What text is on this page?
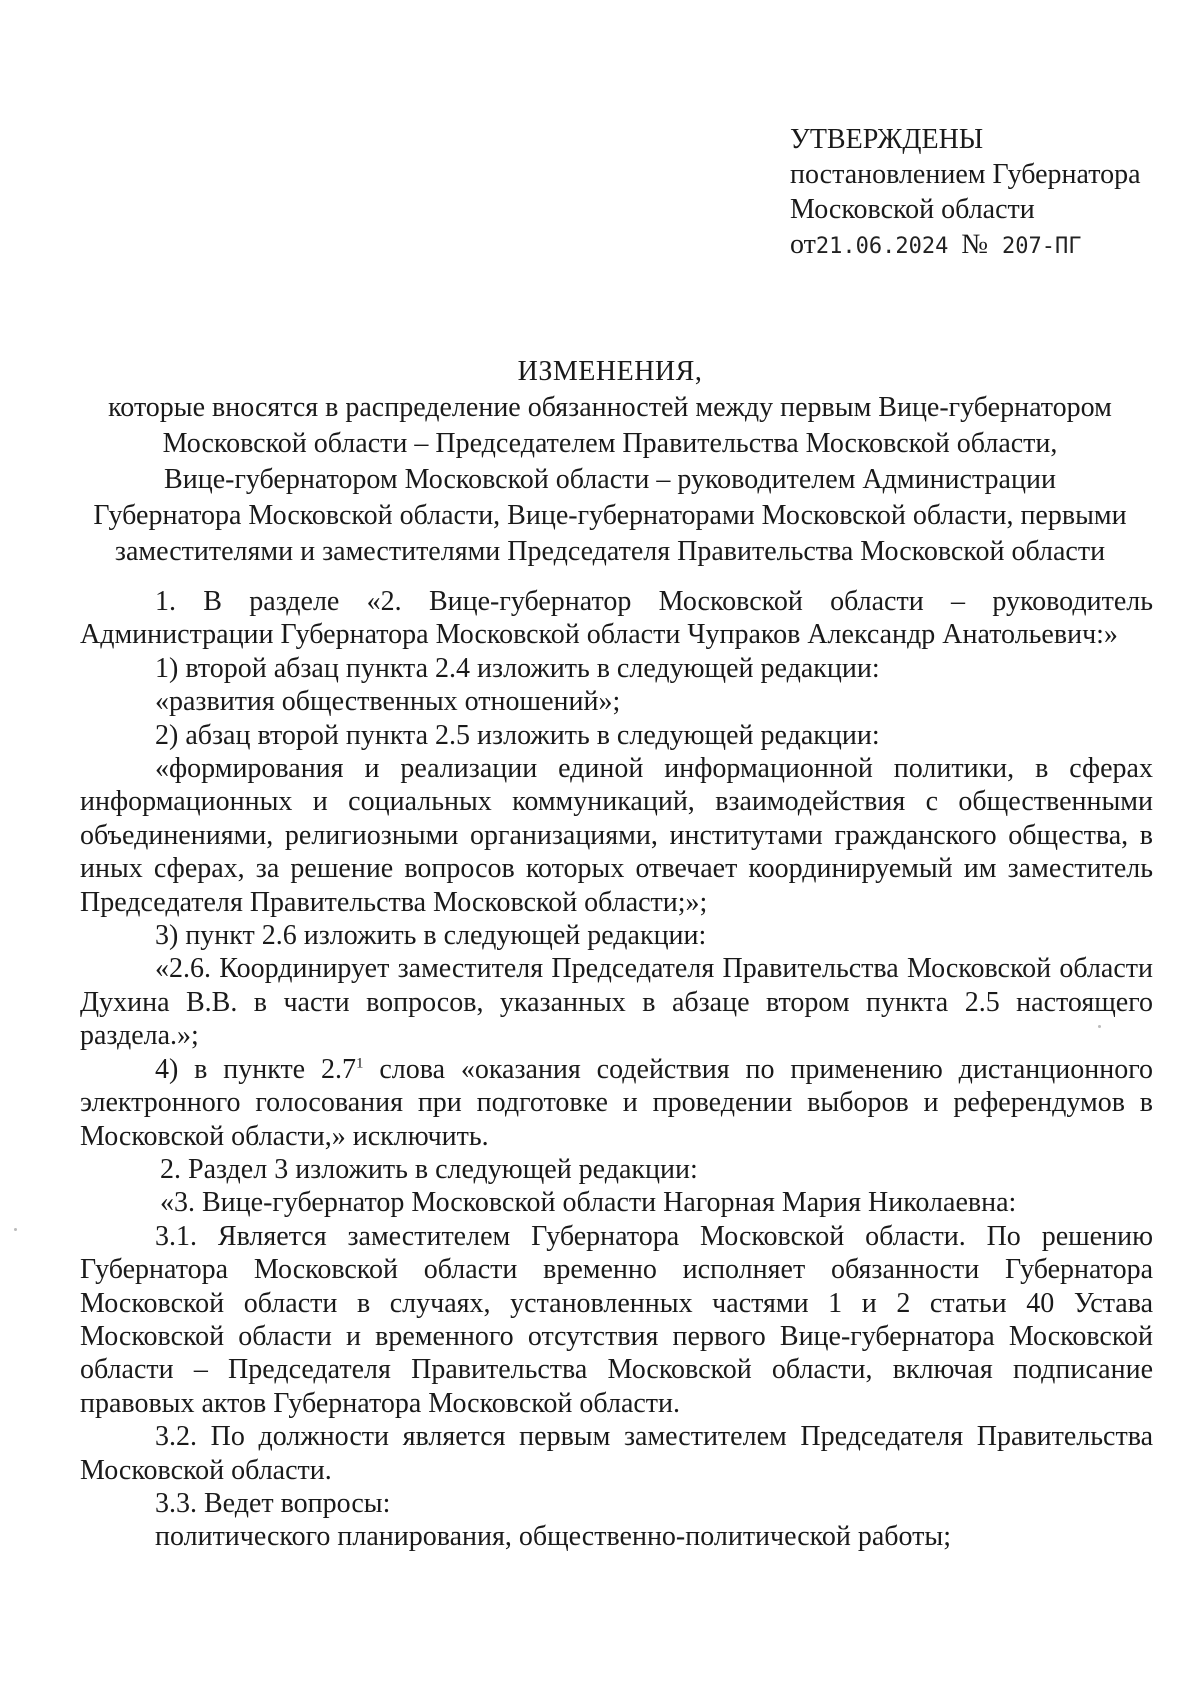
УТВЕРЖДЕНЫ
постановлением Губернатора
Московской области
от21.06.2024 № 207-ПГ
ИЗМЕНЕНИЯ,
которые вносятся в распределение обязанностей между первым Вице-губернатором
Московской области – Председателем Правительства Московской области,
Вице-губернатором Московской области – руководителем Администрации
Губернатора Московской области, Вице-губернаторами Московской области, первыми
заместителями и заместителями Председателя Правительства Московской области

1. В разделе «2. Вице-губернатор Московской области – руководитель Администрации Губернатора Московской области Чупраков Александр Анатольевич:»

1) второй абзац пункта 2.4 изложить в следующей редакции:

«развития общественных отношений»;

2) абзац второй пункта 2.5 изложить в следующей редакции:

«формирования и реализации единой информационной политики, в сферах информационных и социальных коммуникаций, взаимодействия с общественными объединениями, религиозными организациями, институтами гражданского общества, в иных сферах, за решение вопросов которых отвечает координируемый им заместитель Председателя Правительства Московской области;»;

3) пункт 2.6 изложить в следующей редакции:

«2.6. Координирует заместителя Председателя Правительства Московской области Духина В.В. в части вопросов, указанных в абзаце втором пункта 2.5 настоящего раздела.»;

4) в пункте $2.7^1$ слова «оказания содействия по применению дистанционного электронного голосования при подготовке и проведении выборов и референдумов в Московской области,» исключить.

2. Раздел 3 изложить в следующей редакции:

«3. Вице-губернатор Московской области Нагорная Мария Николаевна:

3.1. Является заместителем Губернатора Московской области. По решению Губернатора Московской области временно исполняет обязанности Губернатора Московской области в случаях, установленных частями 1 и 2 статьи 40 Устава Московской области и временного отсутствия первого Вице-губернатора Московской области – Председателя Правительства Московской области, включая подписание правовых актов Губернатора Московской области.

3.2. По должности является первым заместителем Председателя Правительства Московской области.

3.3. Ведет вопросы:

политического планирования, общественно-политической работы;
